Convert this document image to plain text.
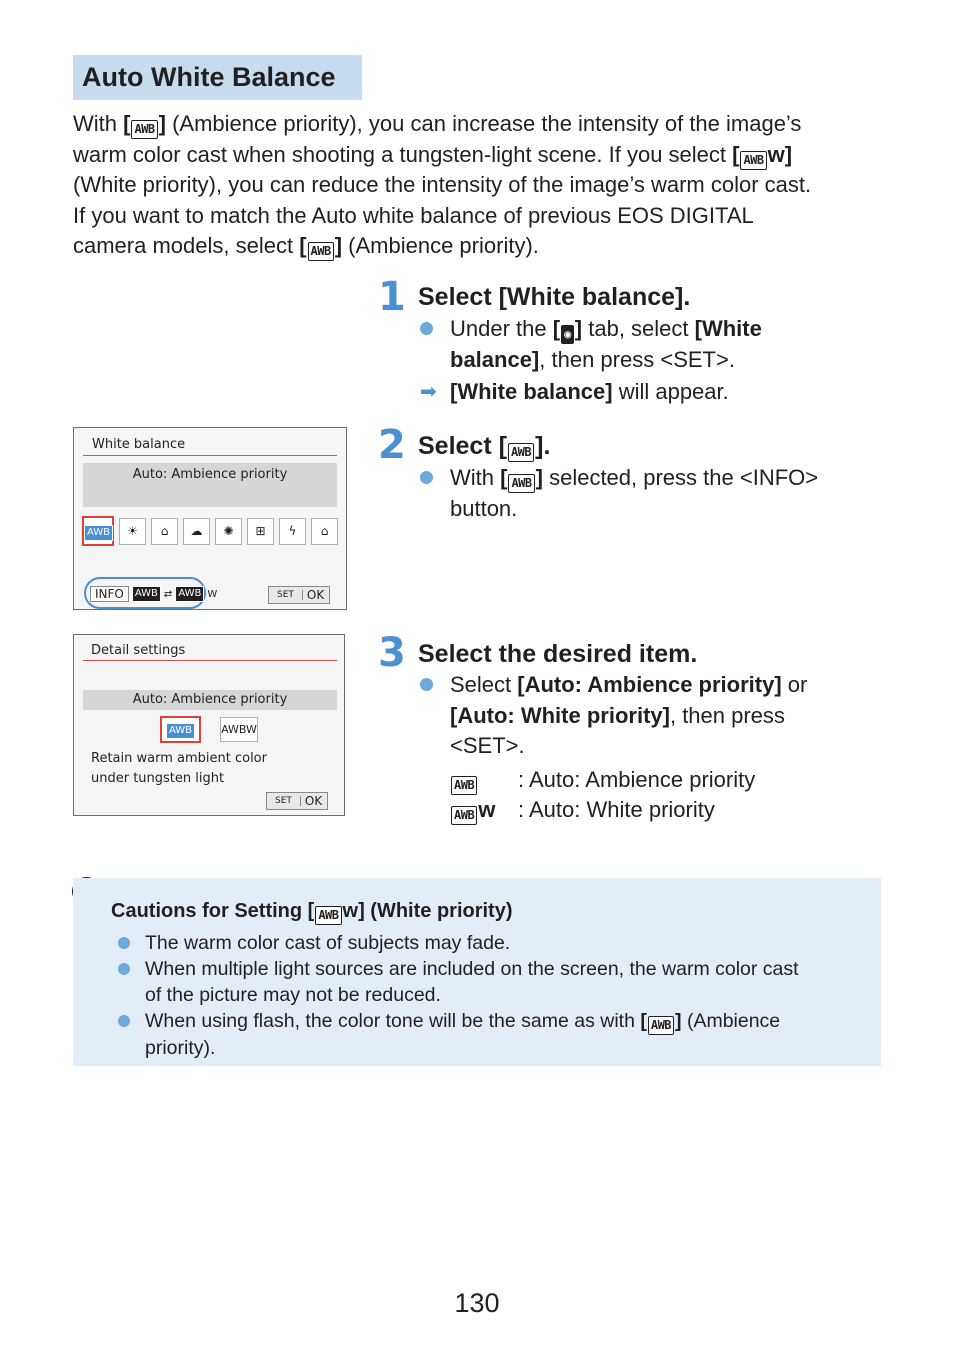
Auto White Balance
With [ AWB ] (Ambience priority), you can increase the intensity of the image’s
warm color cast when shooting a tungsten-light scene. If you select [ AWB w]
(White priority), you can reduce the intensity of the image’s warm color cast.
If you want to match the Auto white balance of previous EOS DIGITAL
camera models, select [ AWB ] (Ambience priority).
1 Select [White balance].
Under the [ ◉ ] tab, select [White
balance], then press <SET>.
➡ [White balance] will appear.
2 Select [ AWB ].
With [ AWB ] selected, press the <INFO>
button.
3 Select the desired item.
Select [Auto: Ambience priority] or
[Auto: White priority], then press
<SET>.
AWB : Auto: Ambience priority
AWB w : Auto: White priority
White balance
Auto: Ambience priority
AWB	☀	⌂	☁	✺	⊞	ϟ	⌂
INFO	AWB ⇄ AWB W	SET	OK
Detail settings
Auto: Ambience priority
AWB	AWBW
Retain warm ambient color
under tungsten light
SET	OK
Cautions for Setting [ AWB w] (White priority)
The warm color cast of subjects may fade.
When multiple light sources are included on the screen, the warm color cast
of the picture may not be reduced.
When using flash, the color tone will be the same as with [ AWB ] (Ambience
priority).
130
